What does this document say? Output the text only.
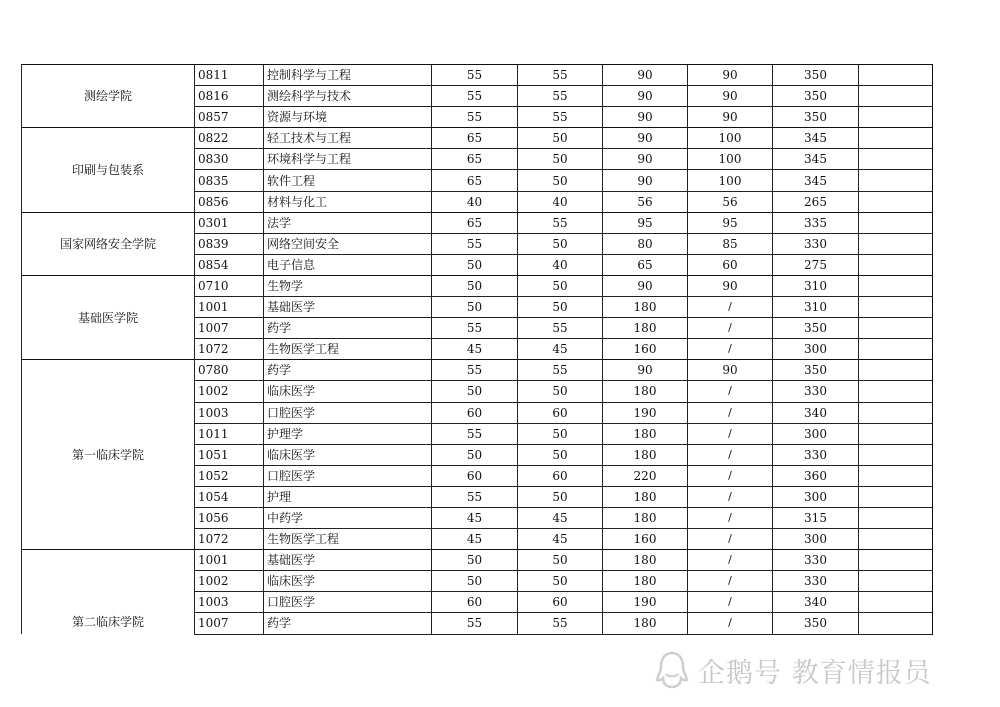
测绘学院	0811	控制科学与工程	55	55	90	90	350	
	0816	测绘科学与技术	55	55	90	90	350	
	0857	资源与环境	55	55	90	90	350	
印刷与包装系	0822	轻工技术与工程	65	50	90	100	345	
	0830	环境科学与工程	65	50	90	100	345	
	0835	软件工程	65	50	90	100	345	
	0856	材料与化工	40	40	56	56	265	
国家网络安全学院	0301	法学	65	55	95	95	335	
	0839	网络空间安全	55	50	80	85	330	
	0854	电子信息	50	40	65	60	275	
基础医学院	0710	生物学	50	50	90	90	310	
	1001	基础医学	50	50	180	/	310	
	1007	药学	55	55	180	/	350	
	1072	生物医学工程	45	45	160	/	300	
第一临床学院	0780	药学	55	55	90	90	350	
	1002	临床医学	50	50	180	/	330	
	1003	口腔医学	60	60	190	/	340	
	1011	护理学	55	50	180	/	300	
	1051	临床医学	50	50	180	/	330	
	1052	口腔医学	60	60	220	/	360	
	1054	护理	55	50	180	/	300	
	1056	中药学	45	45	180	/	315	
	1072	生物医学工程	45	45	160	/	300	
第二临床学院	1001	基础医学	50	50	180	/	330	
	1002	临床医学	50	50	180	/	330	
	1003	口腔医学	60	60	190	/	340	
	1007	药学	55	55	180	/	350	
企鹅号 教育情报员
